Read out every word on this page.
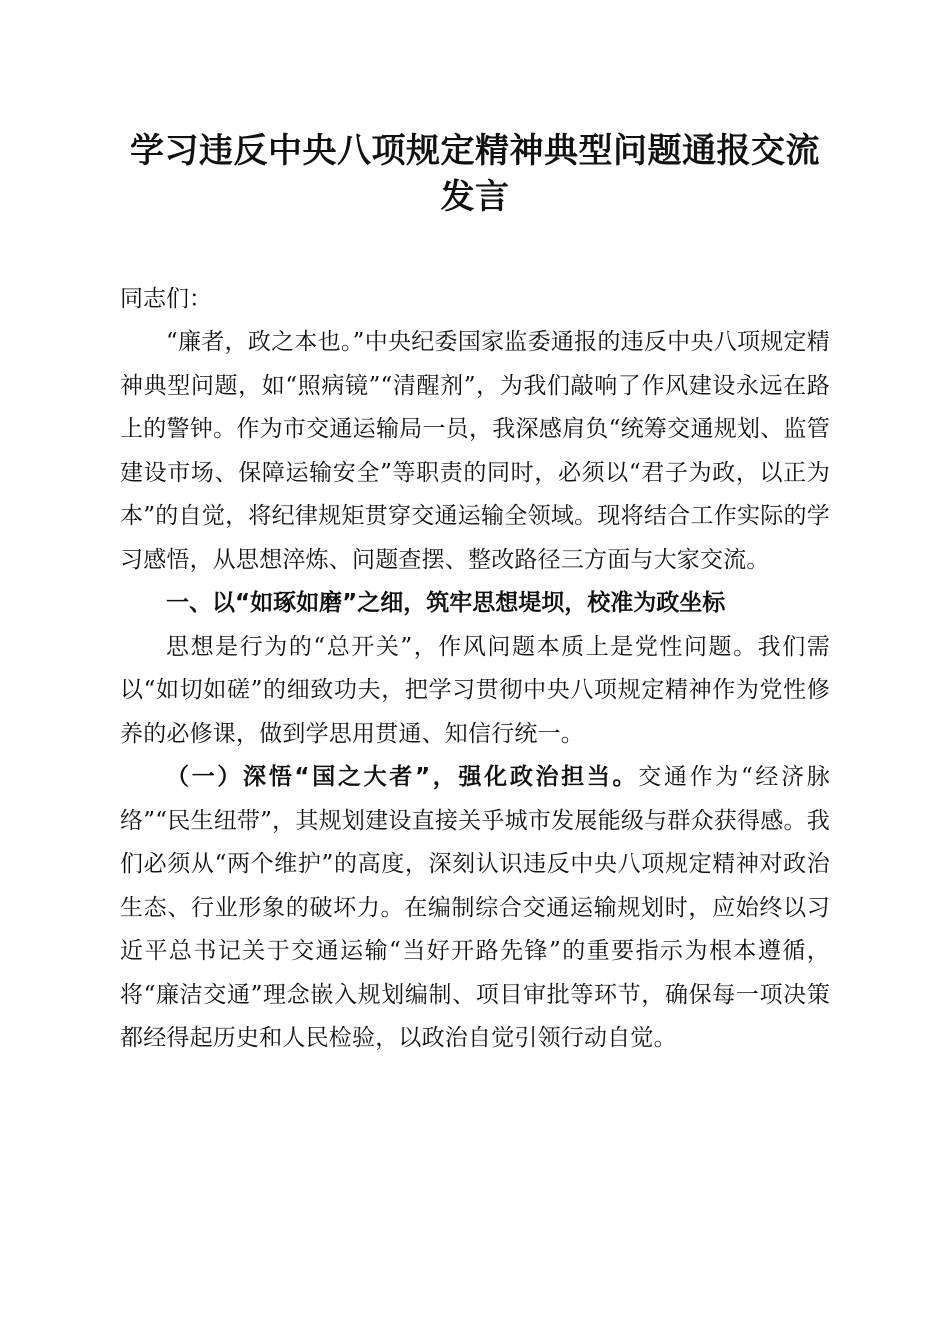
学习违反中央八项规定精神典型问题通报交流
发言

同志们：

“廉者，政之本也。”中央纪委国家监委通报的违反中央八项规定精神典型问题，如“照病镜”“清醒剂”，为我们敲响了作风建设永远在路上的警钟。作为市交通运输局一员，我深感肩负“统筹交通规划、监管建设市场、保障运输安全”等职责的同时，必须以“君子为政，以正为本”的自觉，将纪律规矩贯穿交通运输全领域。现将结合工作实际的学习感悟，从思想淬炼、问题查摆、整改路径三方面与大家交流。

一、以“如琢如磨”之细，筑牢思想堤坝，校准为政坐标

思想是行为的“总开关”，作风问题本质上是党性问题。我们需以“如切如磋”的细致功夫，把学习贯彻中央八项规定精神作为党性修养的必修课，做到学思用贯通、知信行统一。

（一）深悟“国之大者”，强化政治担当。交通作为“经济脉络”“民生纽带”，其规划建设直接关乎城市发展能级与群众获得感。我们必须从“两个维护”的高度，深刻认识违反中央八项规定精神对政治生态、行业形象的破坏力。在编制综合交通运输规划时，应始终以习近平总书记关于交通运输“当好开路先锋”的重要指示为根本遵循，将“廉洁交通”理念嵌入规划编制、项目审批等环节，确保每一项决策都经得起历史和人民检验，以政治自觉引领行动自觉。
